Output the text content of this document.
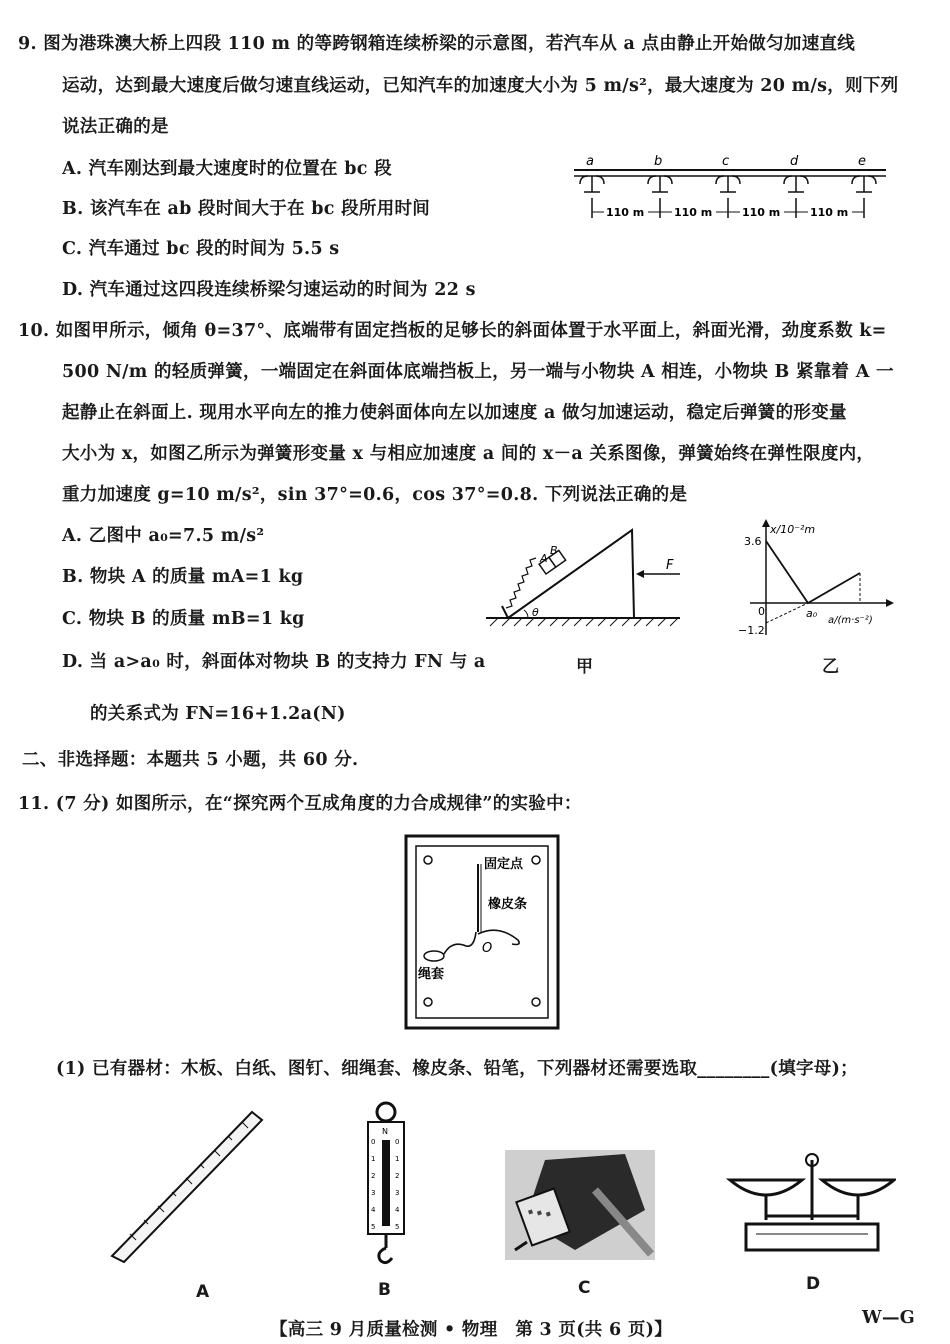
9. 图为港珠澳大桥上四段 110 m 的等跨钢箱连续桥梁的示意图，若汽车从 a 点由静止开始做匀加速直线
运动，达到最大速度后做匀速直线运动，已知汽车的加速度大小为 5 m/s²，最大速度为 20 m/s，则下列
说法正确的是
A. 汽车刚达到最大速度时的位置在 bc 段
B. 该汽车在 ab 段时间大于在 bc 段所用时间
C. 汽车通过 bc 段的时间为 5.5 s
D. 汽车通过这四段连续桥梁匀速运动的时间为 22 s
a	b	c	d	e
110 m	110 m	110 m	110 m
10. 如图甲所示，倾角 θ=37°、底端带有固定挡板的足够长的斜面体置于水平面上，斜面光滑，劲度系数 k=
500 N/m 的轻质弹簧，一端固定在斜面体底端挡板上，另一端与小物块 A 相连，小物块 B 紧靠着 A 一
起静止在斜面上. 现用水平向左的推力使斜面体向左以加速度 a 做匀加速运动，稳定后弹簧的形变量
大小为 x，如图乙所示为弹簧形变量 x 与相应加速度 a 间的 x－a 关系图像，弹簧始终在弹性限度内，
重力加速度 g=10 m/s²，sin 37°=0.6，cos 37°=0.8. 下列说法正确的是
A. 乙图中 a₀=7.5 m/s²
B. 物块 A 的质量 mA=1 kg
C. 物块 B 的质量 mB=1 kg
D. 当 a>a₀ 时，斜面体对物块 B 的支持力 FN 与 a
的关系式为 FN=16+1.2a(N)
θ
A
B
F
甲
x/10⁻²m
3.6
0
−1.2
a₀
a/(m·s⁻²)
乙
二、非选择题：本题共 5 小题，共 60 分.
11. (7 分) 如图所示，在“探究两个互成角度的力合成规律”的实验中：
固定点
橡皮条
绳套
O
(1) 已有器材：木板、白纸、图钉、细绳套、橡皮条、铅笔，下列器材还需要选取________(填字母)；
N
0
1
2
3
4
5
0
1
2
3
4
5
A	B	C	D
【高三 9 月质量检测 • 物理　第 3 页(共 6 页)】
W—G
